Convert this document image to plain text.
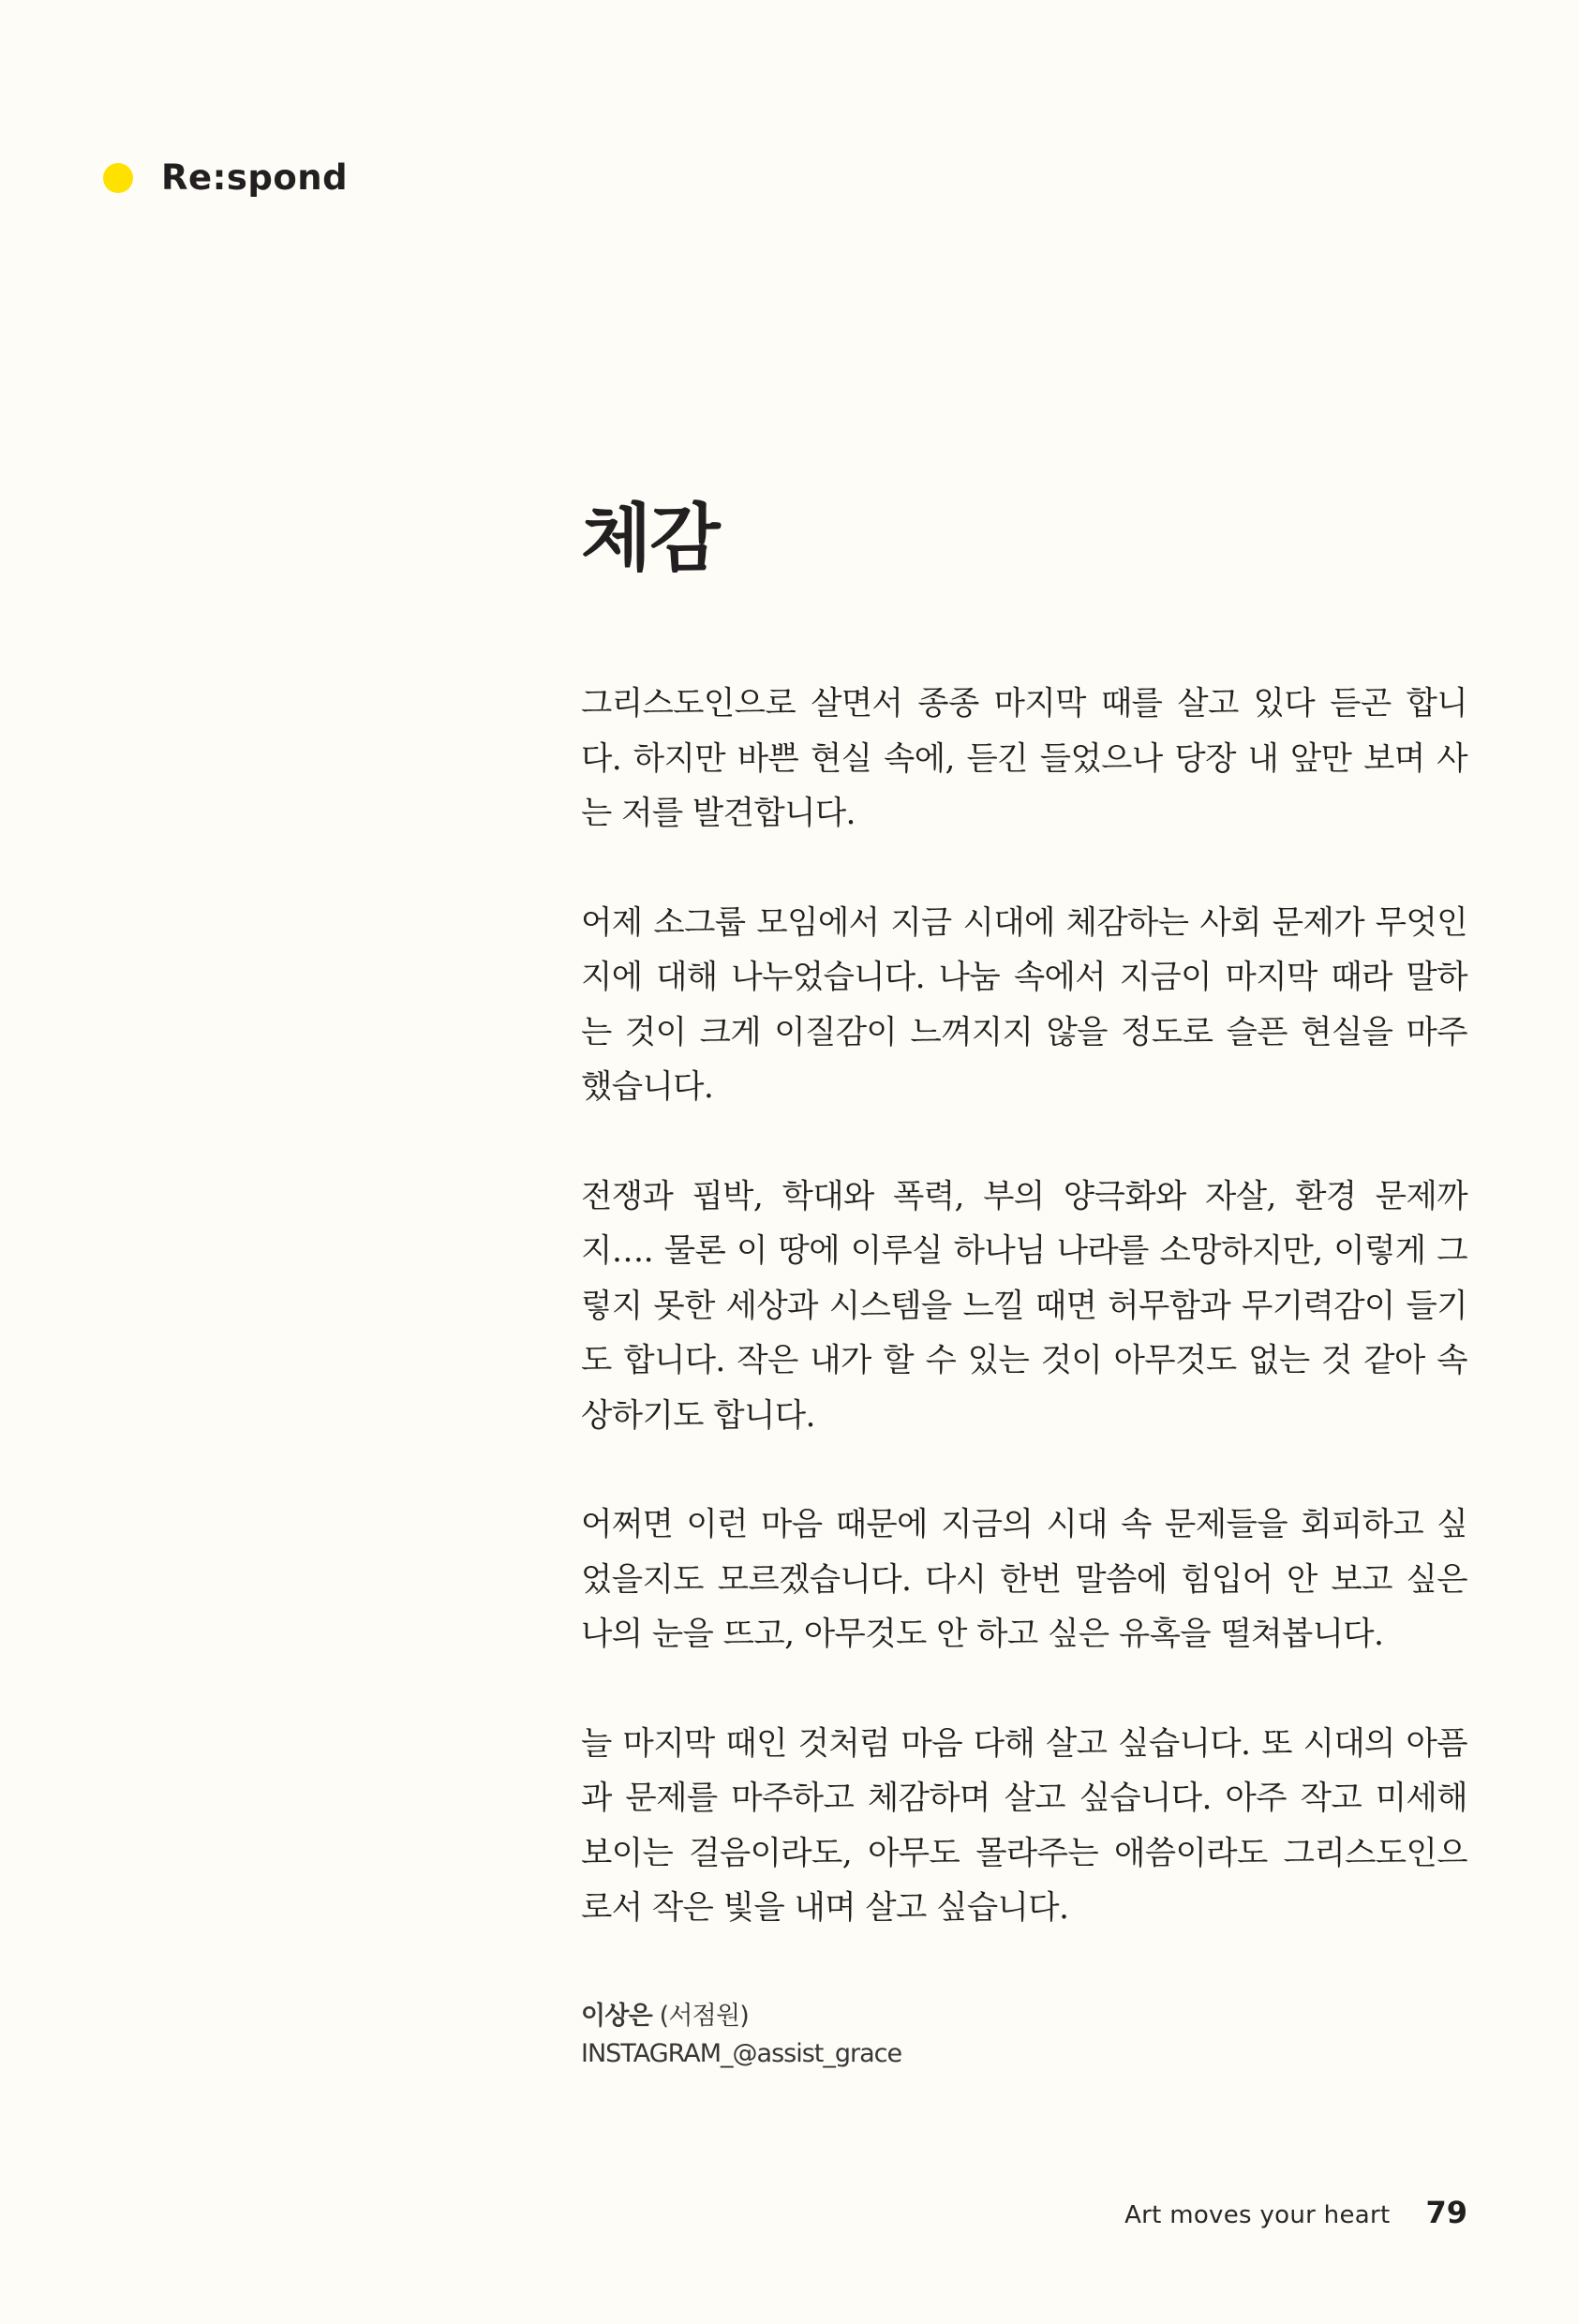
Re:spond
체감

그리스도인으로 살면서 종종 마지막 때를 살고 있다 듣곤 합니
다. 하지만 바쁜 현실 속에, 듣긴 들었으나 당장 내 앞만 보며 사
는 저를 발견합니다.

어제 소그룹 모임에서 지금 시대에 체감하는 사회 문제가 무엇인
지에 대해 나누었습니다. 나눔 속에서 지금이 마지막 때라 말하
는 것이 크게 이질감이 느껴지지 않을 정도로 슬픈 현실을 마주
했습니다.

전쟁과 핍박, 학대와 폭력, 부의 양극화와 자살, 환경 문제까
지…. 물론 이 땅에 이루실 하나님 나라를 소망하지만, 이렇게 그
렇지 못한 세상과 시스템을 느낄 때면 허무함과 무기력감이 들기
도 합니다. 작은 내가 할 수 있는 것이 아무것도 없는 것 같아 속
상하기도 합니다.

어쩌면 이런 마음 때문에 지금의 시대 속 문제들을 회피하고 싶
었을지도 모르겠습니다. 다시 한번 말씀에 힘입어 안 보고 싶은
나의 눈을 뜨고, 아무것도 안 하고 싶은 유혹을 떨쳐봅니다.

늘 마지막 때인 것처럼 마음 다해 살고 싶습니다. 또 시대의 아픔
과 문제를 마주하고 체감하며 살고 싶습니다. 아주 작고 미세해
보이는 걸음이라도, 아무도 몰라주는 애씀이라도 그리스도인으
로서 작은 빛을 내며 살고 싶습니다.

이상은 (서점원)
INSTAGRAM_@assist_grace
Art moves your heart 79
